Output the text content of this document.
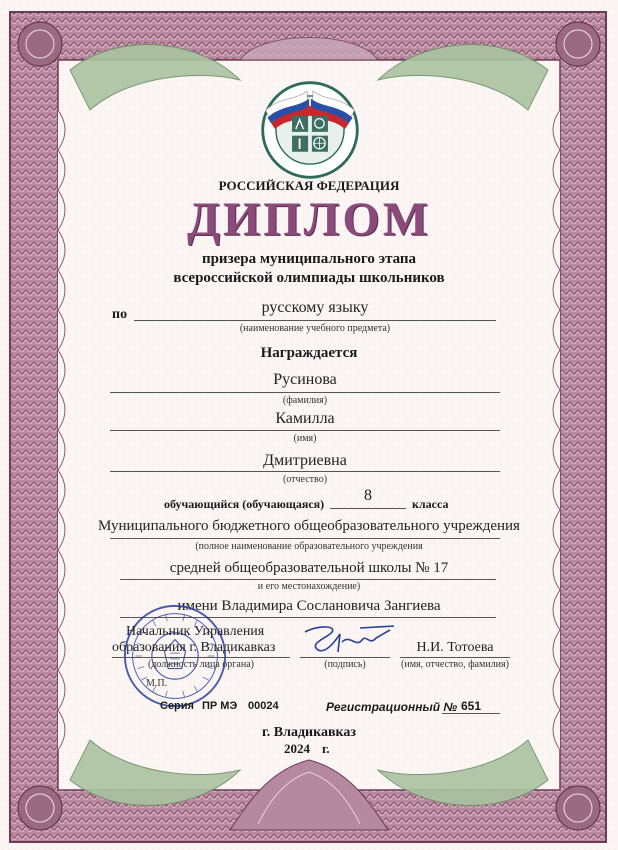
РОССИЙСКАЯ ФЕДЕРАЦИЯ
ДИПЛОМ
призера муниципального этапа
всероссийской олимпиады школьников
по	русскому языку
(наименование учебного предмета)
Награждается
Русинова
(фамилия)
Камилла
(имя)
Дмитриевна
(отчество)
обучающийся (обучающаяся)	8	класса
Муниципального бюджетного общеобразовательного учреждения
(полное наименование образовательного учреждения
средней общеобразовательной школы № 17
и его местонахождение)
имени Владимира Сослановича Зангиева
Начальник Управления
образования г. Владикавказ
(должность лица органа)	(подпись)
Н.И. Тотоева
(имя, отчество, фамилия)
М.П.
Серия ПР МЭ 00024	Регистрационный № 651
г. Владикавказ
2024 г.
